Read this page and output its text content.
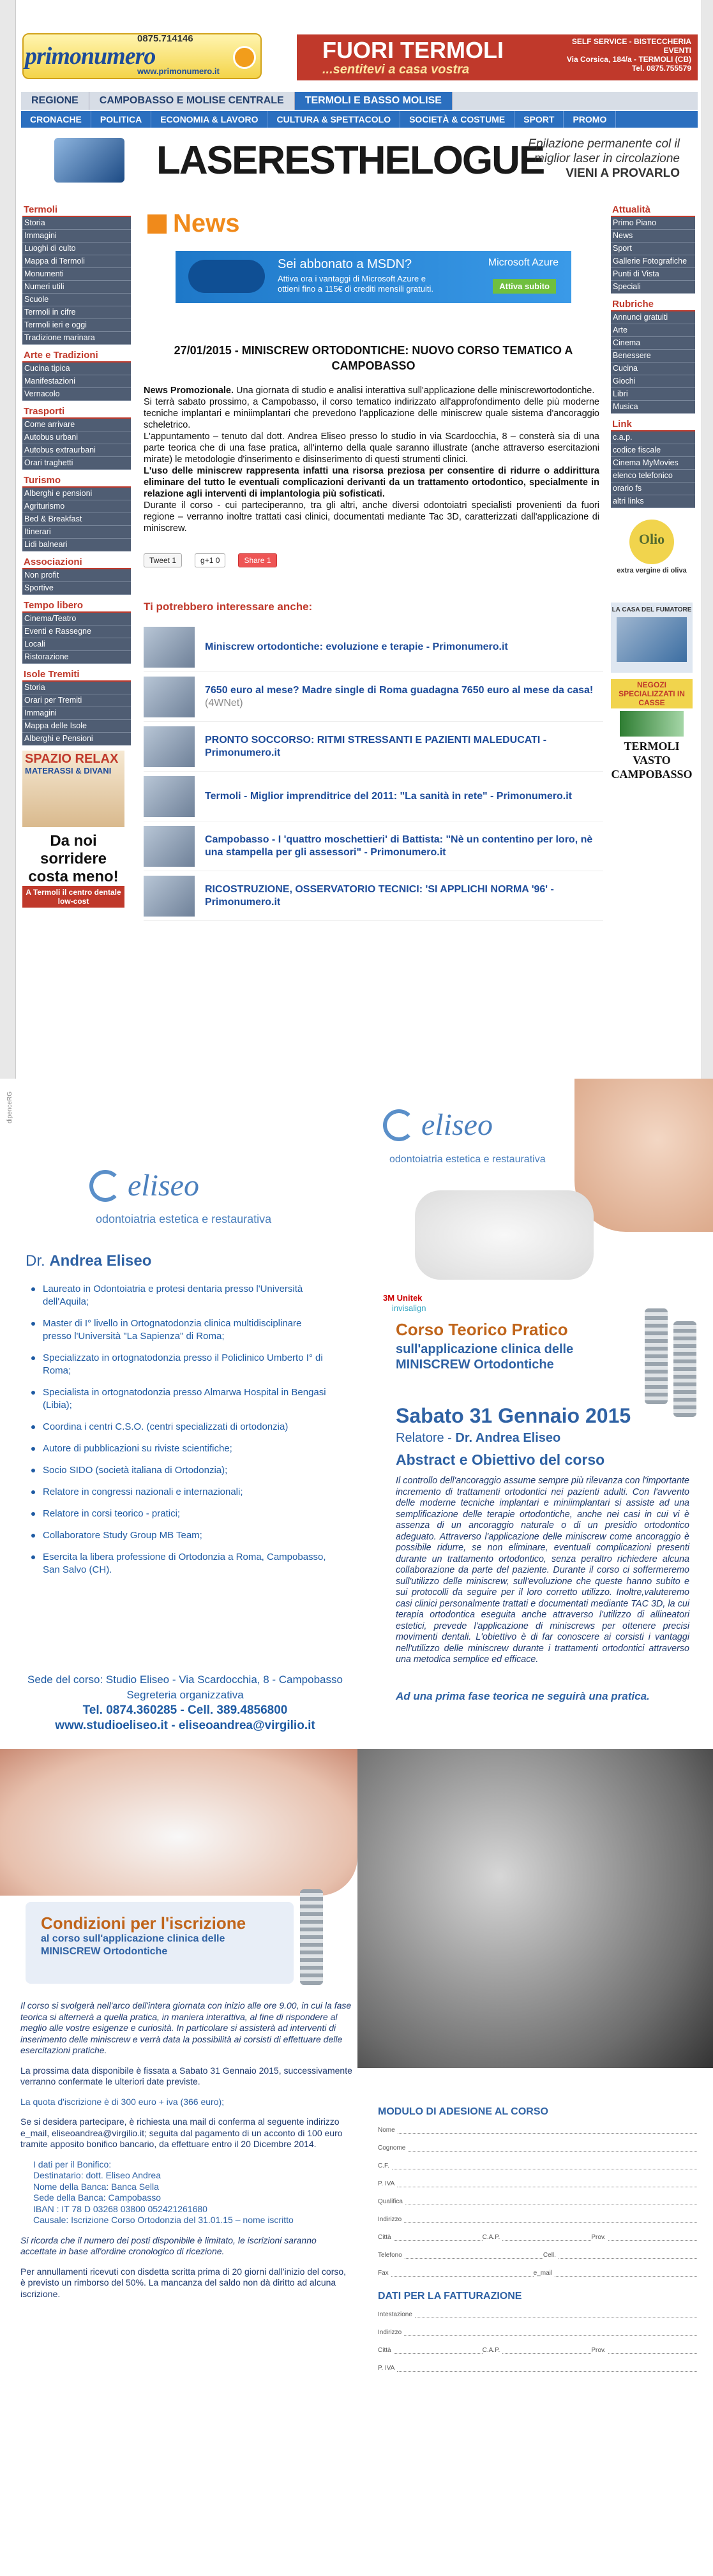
0875.714146
primonumero
www.primonumero.it
FUORI TERMOLI
...sentitevi a casa vostra
SELF SERVICE - BISTECCHERIA EVENTI
Via Corsica, 184/a - TERMOLI (CB) Tel. 0875.755579
REGIONE	CAMPOBASSO E MOLISE CENTRALE	TERMOLI E BASSO MOLISE
CRONACHE	POLITICA	ECONOMIA & LAVORO	CULTURA & SPETTACOLO	SOCIETÀ & COSTUME	SPORT	PROMO
LASERESTHELOGUE
Epilazione permanente col il
miglior laser in circolazione
VIENI A PROVARLO
Termoli
Storia
Immagini
Luoghi di culto
Mappa di Termoli
Monumenti
Numeri utili
Scuole
Termoli in cifre
Termoli ieri e oggi
Tradizione marinara
Arte e Tradizioni
Cucina tipica
Manifestazioni
Vernacolo
Trasporti
Come arrivare
Autobus urbani
Autobus extraurbani
Orari traghetti
Turismo
Alberghi e pensioni
Agriturismo
Bed & Breakfast
Itinerari
Lidi balneari
Associazioni
Non profit
Sportive
Tempo libero
Cinema/Teatro
Eventi e Rassegne
Locali
Ristorazione
Isole Tremiti
Storia
Orari per Tremiti
Immagini
Mappa delle Isole
Alberghi e Pensioni
SPAZIO RELAX
MATERASSI & DIVANI
Da noi sorridere costa meno!
A Termoli il centro dentale low-cost
News
Sei abbonato a MSDN?
Attiva ora i vantaggi di Microsoft Azure e ottieni fino a 115€ di crediti mensili gratuiti.
Microsoft Azure
Attiva subito
27/01/2015 - MINISCREW ORTODONTICHE: NUOVO CORSO TEMATICO A CAMPOBASSO

News Promozionale. Una giornata di studio e analisi interattiva sull'applicazione delle miniscrewortodontiche.

Si terrà sabato prossimo, a Campobasso, il corso tematico indirizzato all'approfondimento delle più moderne tecniche implantari e miniimplantari che prevedono l'applicazione delle miniscrew quale sistema d'ancoraggio scheletrico.

L'appuntamento – tenuto dal dott. Andrea Eliseo presso lo studio in via Scardocchia, 8 – consterà sia di una parte teorica che di una fase pratica, all'interno della quale saranno illustrate (anche attraverso esercitazioni mirate) le metodologie d'inserimento e disinserimento di questi strumenti clinici.

L'uso delle miniscrew rappresenta infatti una risorsa preziosa per consentire di ridurre o addirittura eliminare del tutto le eventuali complicazioni derivanti da un trattamento ortodontico, specialmente in relazione agli interventi di implantologia più sofisticati.

Durante il corso - cui parteciperanno, tra gli altri, anche diversi odontoiatri specialisti provenienti da fuori regione – verranno inoltre trattati casi clinici, documentati mediante Tac 3D, caratterizzati dall'applicazione di miniscrew.

Tweet 1	g+1 0	Share 1
Ti potrebbero interessare anche:
Miniscrew ortodontiche: evoluzione e terapie - Primonumero.it
7650 euro al mese? Madre single di Roma guadagna 7650 euro al mese da casa! (4WNet)
PRONTO SOCCORSO: RITMI STRESSANTI E PAZIENTI MALEDUCATI - Primonumero.it
Termoli - Miglior imprenditrice del 2011: "La sanità in rete" - Primonumero.it
Campobasso - I 'quattro moschettieri' di Battista: "Nè un contentino per loro, nè una stampella per gli assessori" - Primonumero.it
RICOSTRUZIONE, OSSERVATORIO TECNICI: 'SI APPLICHI NORMA '96' - Primonumero.it
Attualità
Primo Piano
News
Sport
Gallerie Fotografiche
Punti di Vista
Speciali
Rubriche
Annunci gratuiti
Arte
Cinema
Benessere
Cucina
Giochi
Libri
Musica
Link
c.a.p.
codice fiscale
Cinema MyMovies
elenco telefonico
orario fs
altri links
Olio
extra vergine di oliva
LA CASA DEL FUMATORE
NEGOZI SPECIALIZZATI IN CASSE
TERMOLI VASTO CAMPOBASSO
dipenceRG
eliseo
odontoiatria estetica e restaurativa
Dr. Andrea Eliseo
Laureato in Odontoiatria e protesi dentaria presso l'Università dell'Aquila;
Master di I° livello in Ortognatodonzia clinica multidisciplinare presso l'Università "La Sapienza" di Roma;
Specializzato in ortognatodonzia presso il Policlinico Umberto I° di Roma;
Specialista in ortognatodonzia presso Almarwa Hospital in Bengasi (Libia);
Coordina i centri C.S.O. (centri specializzati di ortodonzia)
Autore di pubblicazioni su riviste scientifiche;
Socio SIDO (società italiana di Ortodonzia);
Relatore in congressi nazionali e internazionali;
Relatore in corsi teorico - pratici;
Collaboratore Study Group MB Team;
Esercita la libera professione di Ortodonzia a Roma, Campobasso, San Salvo (CH).
Sede del corso: Studio Eliseo - Via Scardocchia, 8 - Campobasso
Segreteria organizzativa
Tel. 0874.360285 - Cell. 389.4856800
www.studioeliseo.it - eliseoandrea@virgilio.it
eliseo
odontoiatria estetica e restaurativa
3M Unitek
invisalign
Corso Teorico Pratico
sull'applicazione clinica delle MINISCREW Ortodontiche
Sabato 31 Gennaio 2015
Relatore - Dr. Andrea Eliseo
Abstract e Obiettivo del corso
Il controllo dell'ancoraggio assume sempre più rilevanza con l'importante incremento di trattamenti ortodontici nei pazienti adulti. Con l'avvento delle moderne tecniche implantari e miniimplantari si assiste ad una semplificazione delle terapie ortodontiche, anche nei casi in cui vi è assenza di un ancoraggio naturale o di un presidio ortodontico adeguato. Attraverso l'applicazione delle miniscrew come ancoraggio è possibile ridurre, se non eliminare, eventuali complicazioni presenti durante un trattamento ortodontico, senza peraltro richiedere alcuna collaborazione da parte del paziente. Durante il corso ci soffermeremo sull'utilizzo delle miniscrew, sull'evoluzione che queste hanno subito e sui protocolli da seguire per il loro corretto utilizzo. Inoltre,valuteremo casi clinici personalmente trattati e documentati mediante TAC 3D, la cui terapia ortodontica eseguita anche attraverso l'utilizzo di allineatori estetici, prevede l'applicazione di miniscrews per ottenere precisi movimenti dentali. L'obiettivo è di far conoscere ai corsisti i vantaggi nell'utilizzo delle miniscrew durante i trattamenti ortodontici attraverso una metodica semplice ed efficace.
Ad una prima fase teorica ne seguirà una pratica.
Condizioni per l'iscrizione
al corso sull'applicazione clinica delle MINISCREW Ortodontiche

Il corso si svolgerà nell'arco dell'intera giornata con inizio alle ore 9.00, in cui la fase teorica si alternerà a quella pratica, in maniera interattiva, al fine di rispondere al meglio alle vostre esigenze e curiosità. In particolare si assisterà ad interventi di inserimento delle miniscrew e verrà data la possibilità ai corsisti di effettuare delle esercitazioni pratiche.

La prossima data disponibile è fissata a Sabato 31 Gennaio 2015, successivamente verranno confermate le ulteriori date previste.

La quota d'iscrizione è di 300 euro + iva (366 euro);

Se si desidera partecipare, è richiesta una mail di conferma al seguente indirizzo e_mail, eliseoandrea@virgilio.it; seguita dal pagamento di un acconto di 100 euro tramite apposito bonifico bancario, da effettuare entro il 20 Dicembre 2014.

I dati per il Bonifico:
Destinatario: dott. Eliseo Andrea
Nome della Banca: Banca Sella
Sede della Banca: Campobasso
IBAN : IT 78 D 03268 03800 052421261680
Causale: Iscrizione Corso Ortodonzia del 31.01.15 – nome iscritto

Si ricorda che il numero dei posti disponibile è limitato, le iscrizioni saranno accettate in base all'ordine cronologico di ricezione.

Per annullamenti ricevuti con disdetta scritta prima di 20 giorni dall'inizio del corso, è previsto un rimborso del 50%. La mancanza del saldo non dà diritto ad alcuna iscrizione.

MODULO DI ADESIONE AL CORSO
Nome
Cognome
C.F.
P. IVA
Qualifica
Indirizzo
Città	C.A.P.	Prov.
Telefono	Cell.
Fax	e_mail
DATI PER LA FATTURAZIONE
Intestazione
Indirizzo
Città	C.A.P.	Prov.
P. IVA
